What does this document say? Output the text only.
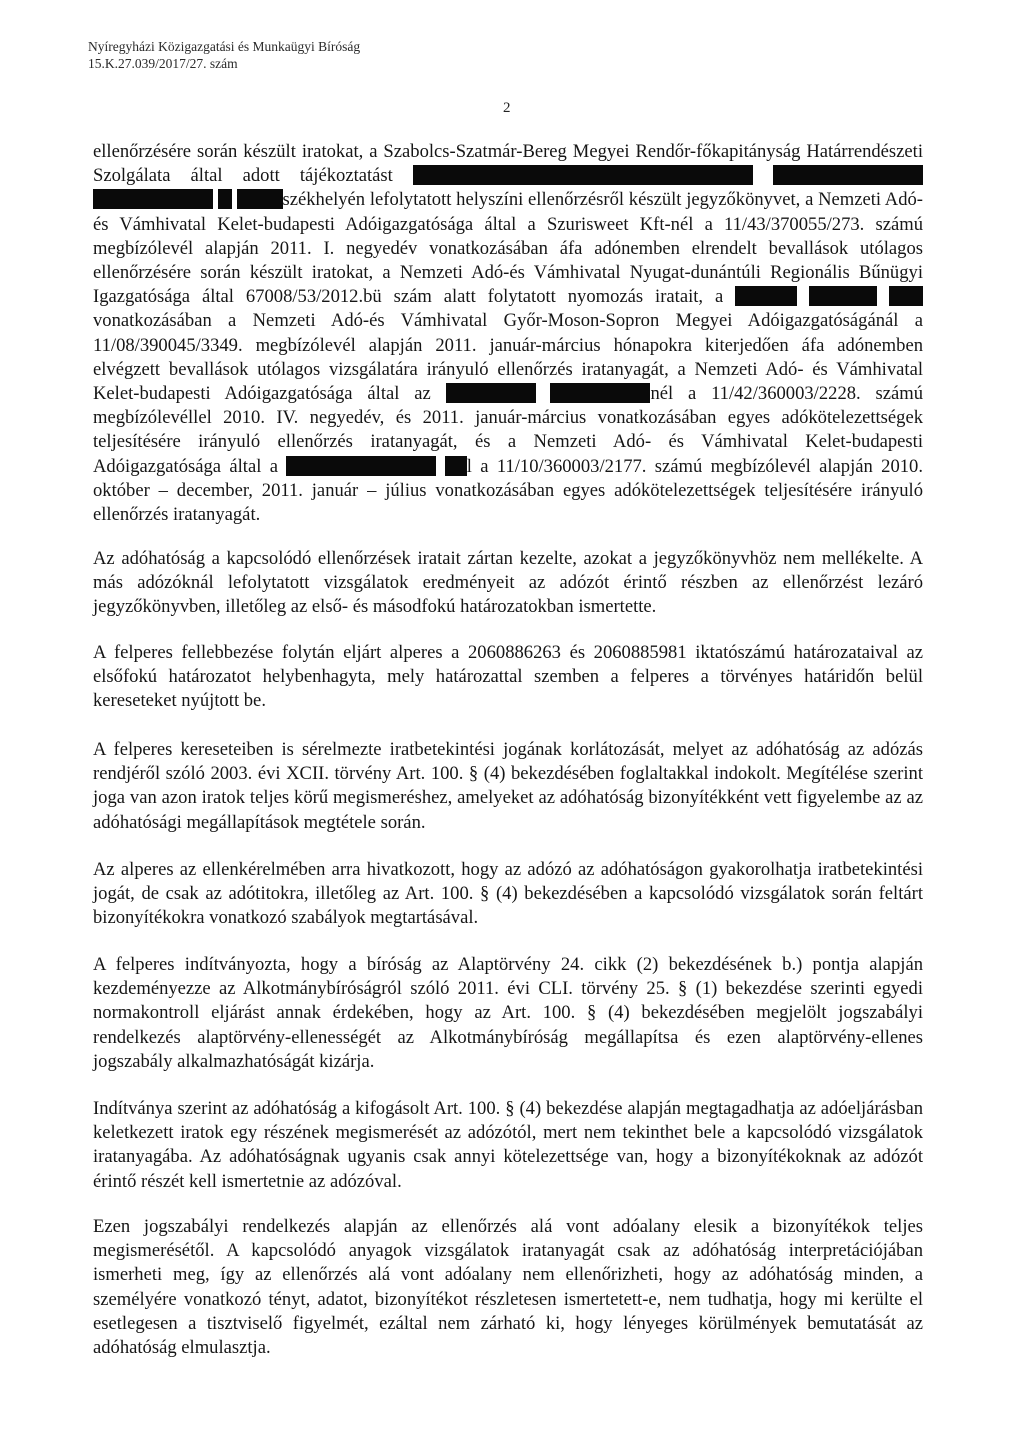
Nyíregyházi Közigazgatási és Munkaügyi Bíróság
15.K.27.039/2017/27. szám
2

ellenőrzésére során készült iratokat, a Szabolcs-Szatmár-Bereg Megyei Rendőr-főkapitányság Határrendészeti Szolgálata által adott tájékoztatást     székhelyén lefolytatott helyszíni ellenőrzésről készült jegyzőkönyvet, a Nemzeti Adó- és Vámhivatal Kelet-budapesti Adóigazgatósága által a Szurisweet Kft-nél a 11/43/370055/273. számú megbízólevél alapján 2011. I. negyedév vonatkozásában áfa adónemben elrendelt bevallások utólagos ellenőrzésére során készült iratokat, a Nemzeti Adó-és Vámhivatal Nyugat-dunántúli Regionális Bűnügyi Igazgatósága által 67008/53/2012.bü szám alatt folytatott nyomozás iratait, a   vonatkozásában a Nemzeti Adó-és Vámhivatal Győr-Moson-Sopron Megyei Adóigazgatóságánál a 11/08/390045/3349. megbízólevél alapján 2011. január-március hónapokra kiterjedően áfa adónemben elvégzett bevallások utólagos vizsgálatára irányuló ellenőrzés iratanyagát, a Nemzeti Adó- és Vámhivatal Kelet-budapesti Adóigazgatósága által az	nél a 11/42/360003/2228. számú megbízólevéllel 2010. IV. negyedév, és 2011. január-március vonatkozásában egyes adókötelezettségek teljesítésére irányuló ellenőrzés iratanyagát, és a Nemzeti Adó- és Vámhivatal Kelet-budapesti Adóigazgatósága által a	l a 11/10/360003/2177. számú megbízólevél alapján 2010. október – december, 2011. január – július vonatkozásában egyes adókötelezettségek teljesítésére irányuló ellenőrzés iratanyagát.

Az adóhatóság a kapcsolódó ellenőrzések iratait zártan kezelte, azokat a jegyzőkönyvhöz nem mellékelte. A más adózóknál lefolytatott vizsgálatok eredményeit az adózót érintő részben az ellenőrzést lezáró jegyzőkönyvben, illetőleg az első- és másodfokú határozatokban ismertette.

A felperes fellebbezése folytán eljárt alperes a 2060886263 és 2060885981 iktatószámú határozataival az elsőfokú határozatot helybenhagyta, mely határozattal szemben a felperes a törvényes határidőn belül kereseteket nyújtott be.

A felperes kereseteiben is sérelmezte iratbetekintési jogának korlátozását, melyet az adóhatóság az adózás rendjéről szóló 2003. évi XCII. törvény Art. 100. § (4) bekezdésében foglaltakkal indokolt. Megítélése szerint joga van azon iratok teljes körű megismeréshez, amelyeket az adóhatóság bizonyítékként vett figyelembe az az adóhatósági megállapítások megtétele során.

Az alperes az ellenkérelmében arra hivatkozott, hogy az adózó az adóhatóságon gyakorolhatja iratbetekintési jogát, de csak az adótitokra, illetőleg az Art. 100. § (4) bekezdésében a kapcsolódó vizsgálatok során feltárt bizonyítékokra vonatkozó szabályok megtartásával.

A felperes indítványozta, hogy a bíróság az Alaptörvény 24. cikk (2) bekezdésének b.) pontja alapján kezdeményezze az Alkotmánybíróságról szóló 2011. évi CLI. törvény 25. § (1) bekezdése szerinti egyedi normakontroll eljárást annak érdekében, hogy az Art. 100. § (4) bekezdésében megjelölt jogszabályi rendelkezés alaptörvény-ellenességét az Alkotmánybíróság megállapítsa és ezen alaptörvény-ellenes jogszabály alkalmazhatóságát kizárja.

Indítványa szerint az adóhatóság a kifogásolt Art. 100. § (4) bekezdése alapján megtagadhatja az adóeljárásban keletkezett iratok egy részének megismerését az adózótól, mert nem tekinthet bele a kapcsolódó vizsgálatok iratanyagába. Az adóhatóságnak ugyanis csak annyi kötelezettsége van, hogy a bizonyítékoknak az adózót érintő részét kell ismertetnie az adózóval.

Ezen jogszabályi rendelkezés alapján az ellenőrzés alá vont adóalany elesik a bizonyítékok teljes megismerésétől. A kapcsolódó anyagok vizsgálatok iratanyagát csak az adóhatóság interpretációjában ismerheti meg, így az ellenőrzés alá vont adóalany nem ellenőrizheti, hogy az adóhatóság minden, a személyére vonatkozó tényt, adatot, bizonyítékot részletesen ismertetett-e, nem tudhatja, hogy mi kerülte el esetlegesen a tisztviselő figyelmét, ezáltal nem zárható ki, hogy lényeges körülmények bemutatását az adóhatóság elmulasztja.
